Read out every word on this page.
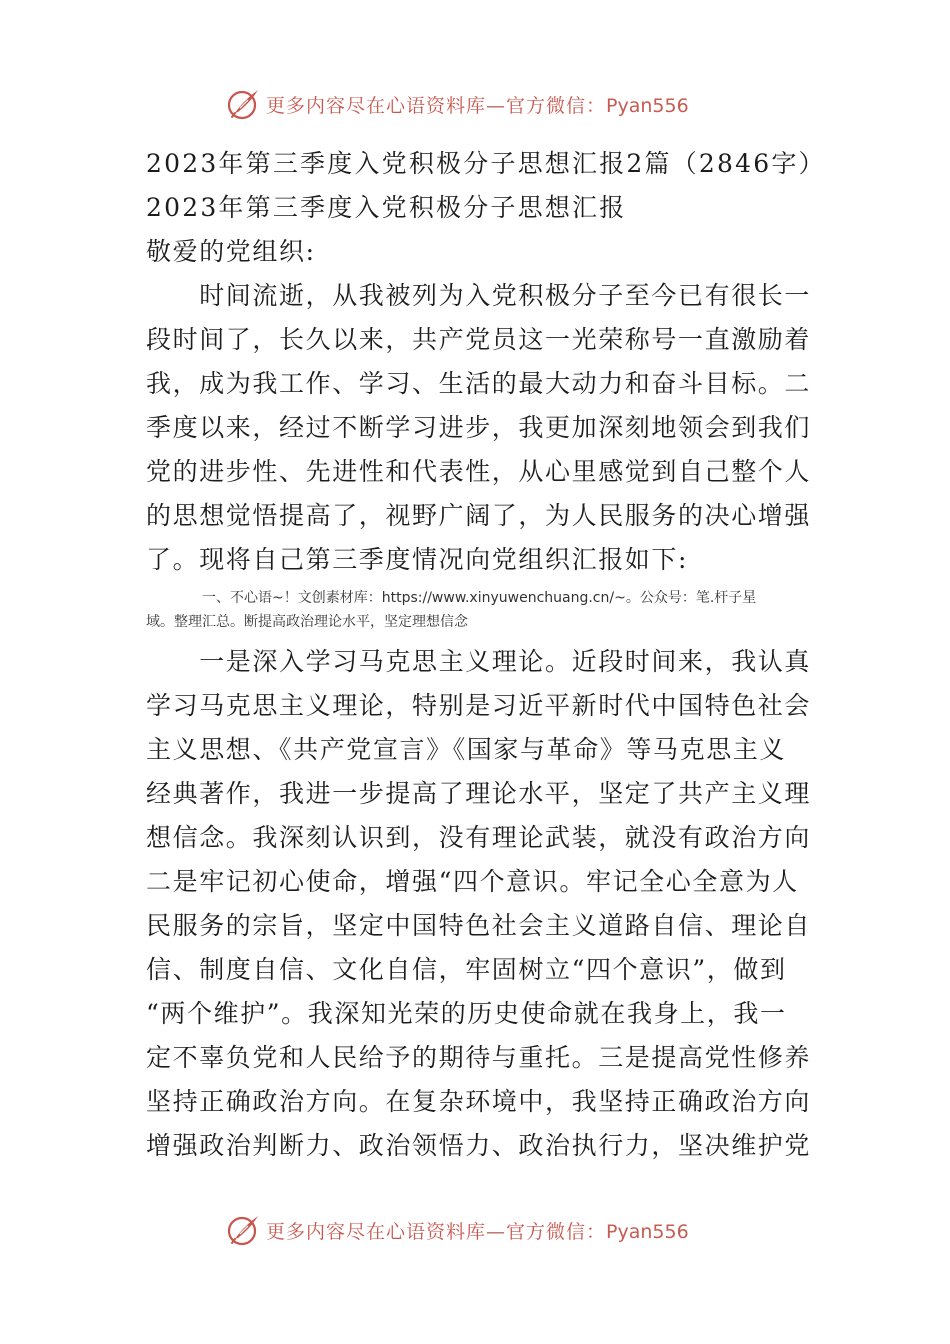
更多内容尽在心语资料库—官方微信：Pyan556
2023年第三季度入党积极分子思想汇报2篇（2846字）
2023年第三季度入党积极分子思想汇报
敬爱的党组织:
　　时间流逝，从我被列为入党积极分子至今已有很长一
段时间了，长久以来，共产党员这一光荣称号一直激励着
我，成为我工作、学习、生活的最大动力和奋斗目标。二
季度以来，经过不断学习进步，我更加深刻地领会到我们
党的进步性、先进性和代表性，从心里感觉到自己整个人
的思想觉悟提高了，视野广阔了，为人民服务的决心增强
了。现将自己第三季度情况向党组织汇报如下:
　　　　一、不心语~！文创素材库：https://www.xinyuwenchuang.cn/~。公众号：笔.杆子星
域。整理汇总。断提高政治理论水平，坚定理想信念
　　一是深入学习马克思主义理论。近段时间来，我认真
学习马克思主义理论，特别是习近平新时代中国特色社会
主义思想、《共产党宣言》《国家与革命》等马克思主义
经典著作，我进一步提高了理论水平，坚定了共产主义理
想信念。我深刻认识到，没有理论武装，就没有政治方向
二是牢记初心使命，增强“四个意识。牢记全心全意为人
民服务的宗旨，坚定中国特色社会主义道路自信、理论自
信、制度自信、文化自信，牢固树立“四个意识”，做到
“两个维护”。我深知光荣的历史使命就在我身上，我一
定不辜负党和人民给予的期待与重托。三是提高党性修养
坚持正确政治方向。在复杂环境中，我坚持正确政治方向
增强政治判断力、政治领悟力、政治执行力，坚决维护党
更多内容尽在心语资料库—官方微信：Pyan556
